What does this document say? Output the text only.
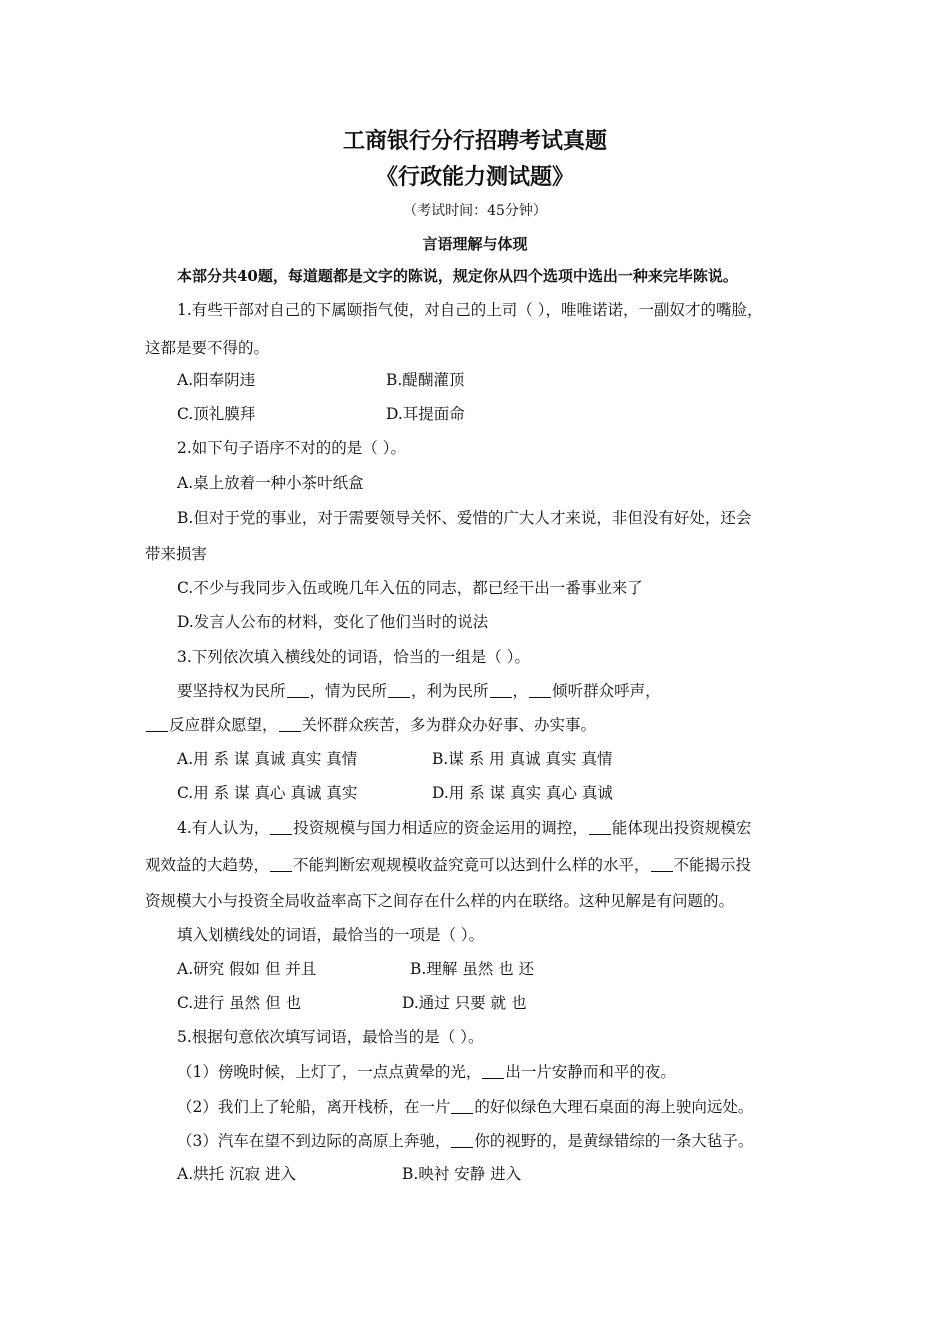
工商银行分行招聘考试真题
《行政能力测试题》
（考试时间：45分钟）
言语理解与体现
本部分共40题，每道题都是文字的陈说，规定你从四个选项中选出一种来完毕陈说。
1.有些干部对自己的下属颐指气使，对自己的上司（ ），唯唯诺诺，一副奴才的嘴脸，
这都是要不得的。
A.阳奉阴违	B.醍醐灌顶
C.顶礼膜拜	D.耳提面命
2.如下句子语序不对的的是（ ）。
A.桌上放着一种小茶叶纸盒
B.但对于党的事业，对于需要领导关怀、爱惜的广大人才来说，非但没有好处，还会
带来损害
C.不少与我同步入伍或晚几年入伍的同志，都已经干出一番事业来了
D.发言人公布的材料，变化了他们当时的说法
3.下列依次填入横线处的词语，恰当的一组是（ ）。
要坚持权为民所 ，情为民所 ，利为民所 ， 倾听群众呼声，
反应群众愿望， 关怀群众疾苦，多为群众办好事、办实事。
A.用 系 谋 真诚 真实 真情	B.谋 系 用 真诚 真实 真情
C.用 系 谋 真心 真诚 真实	D.用 系 谋 真实 真心 真诚
4.有人认为， 投资规模与国力相适应的资金运用的调控， 能体现出投资规模宏
观效益的大趋势， 不能判断宏观规模收益究竟可以达到什么样的水平， 不能揭示投
资规模大小与投资全局收益率高下之间存在什么样的内在联络。这种见解是有问题的。
填入划横线处的词语，最恰当的一项是（ ）。
A.研究 假如 但 并且	B.理解 虽然 也 还
C.进行 虽然 但 也	D.通过 只要 就 也
5.根据句意依次填写词语，最恰当的是（ ）。
（1）傍晚时候，上灯了，一点点黄晕的光， 出一片安静而和平的夜。
（2）我们上了轮船，离开栈桥，在一片 的好似绿色大理石桌面的海上驶向远处。
（3）汽车在望不到边际的高原上奔驰， 你的视野的，是黄绿错综的一条大毡子。
A.烘托 沉寂 进入	B.映衬 安静 进入
